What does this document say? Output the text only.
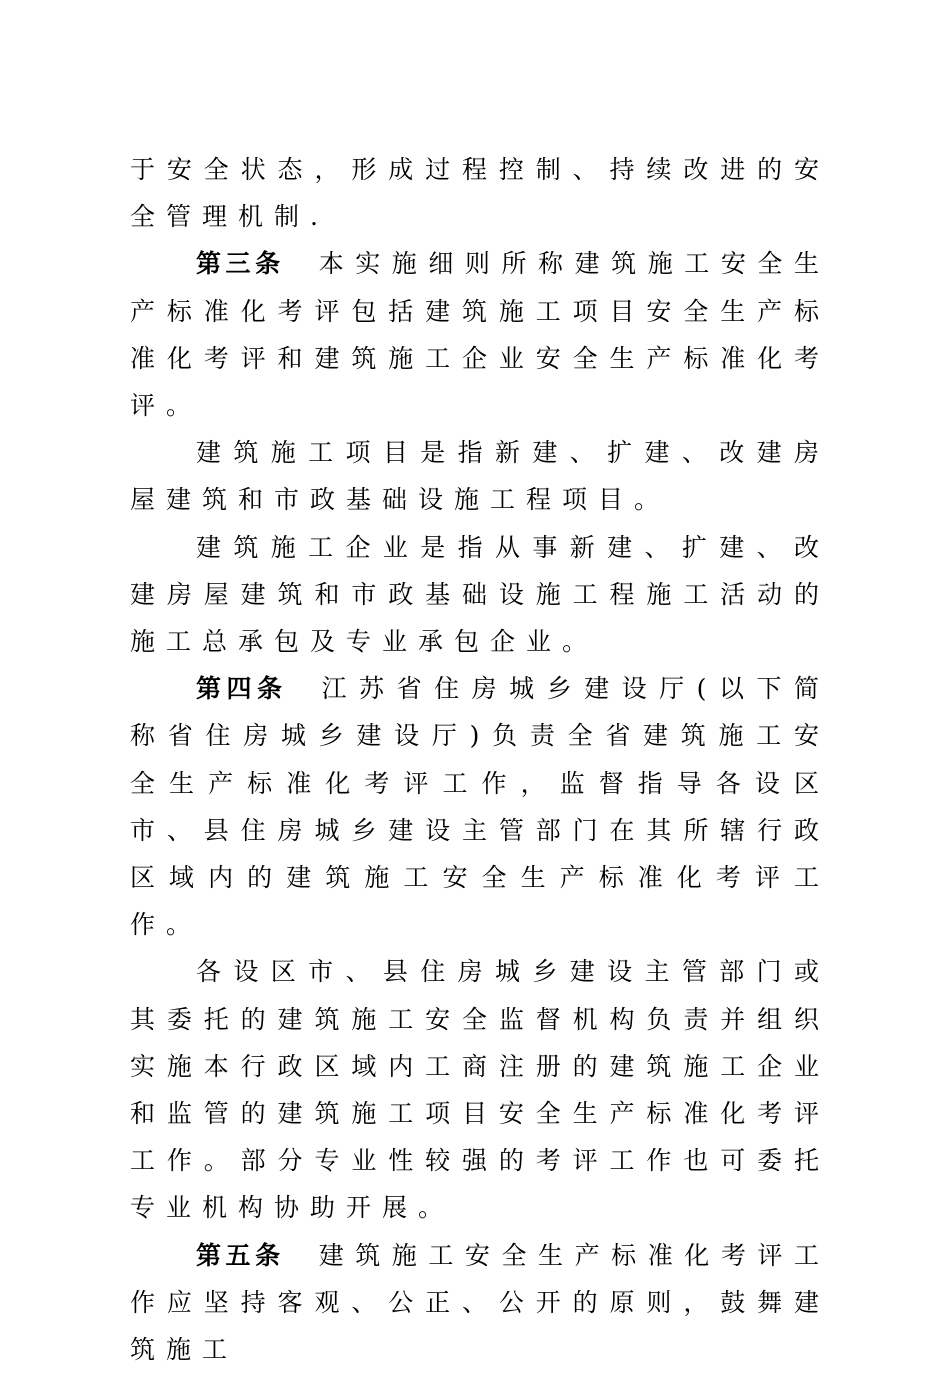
于安全状态，形成过程控制、持续改进的安全管理机制.

第三条 本实施细则所称建筑施工安全生产标准化考评包括建筑施工项目安全生产标准化考评和建筑施工企业安全生产标准化考评。

建筑施工项目是指新建、扩建、改建房屋建筑和市政基础设施工程项目。

建筑施工企业是指从事新建、扩建、改建房屋建筑和市政基础设施工程施工活动的施工总承包及专业承包企业。

第四条 江苏省住房城乡建设厅(以下简称省住房城乡建设厅)负责全省建筑施工安全生产标准化考评工作，监督指导各设区市、县住房城乡建设主管部门在其所辖行政区域内的建筑施工安全生产标准化考评工作。

各设区市、县住房城乡建设主管部门或其委托的建筑施工安全监督机构负责并组织实施本行政区域内工商注册的建筑施工企业和监管的建筑施工项目安全生产标准化考评工作。部分专业性较强的考评工作也可委托专业机构协助开展。

第五条 建筑施工安全生产标准化考评工作应坚持客观、公正、公开的原则，鼓舞建筑施工
